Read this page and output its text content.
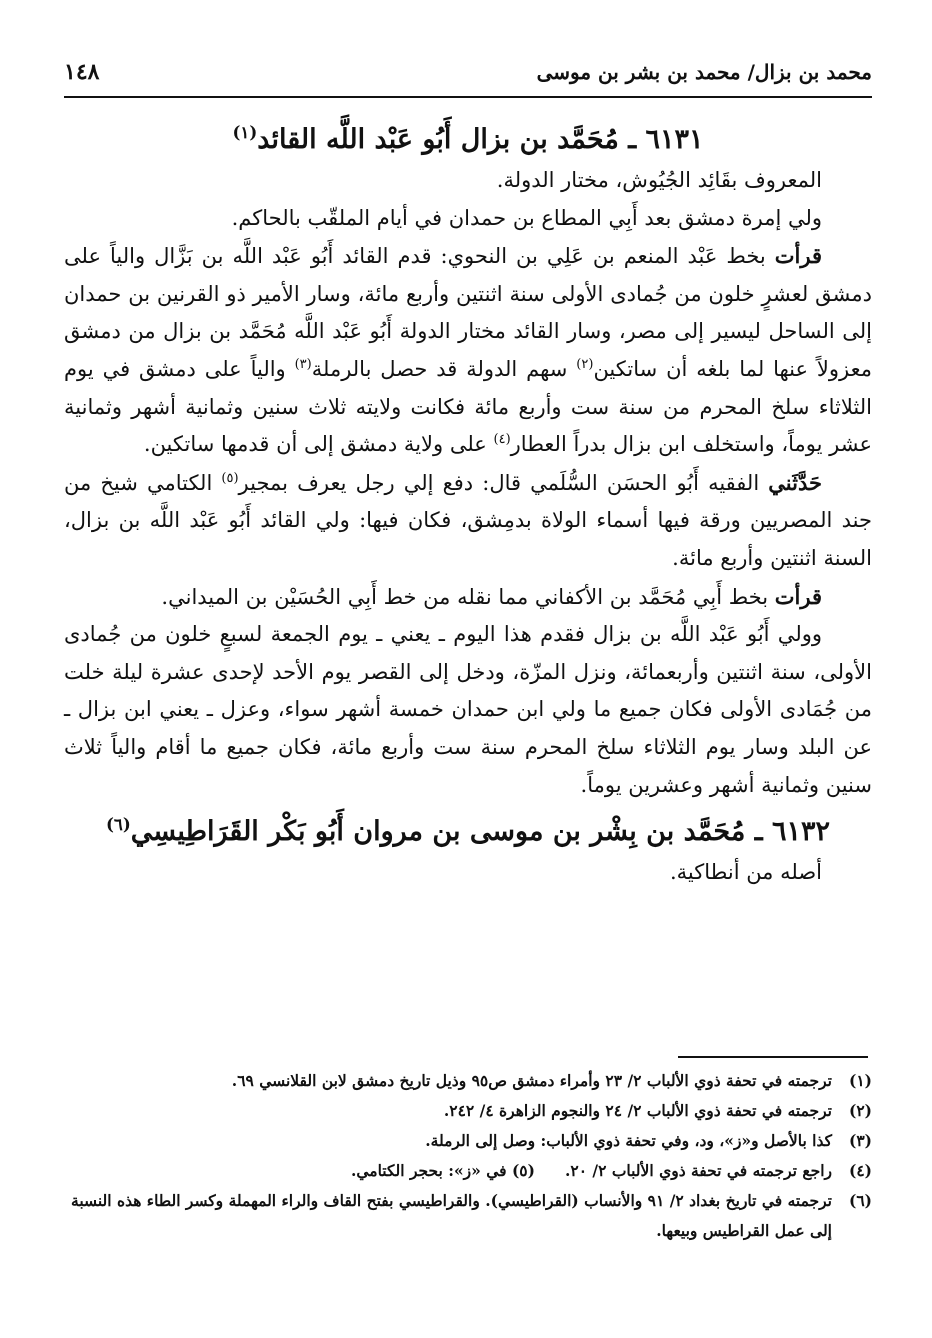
١٤٨	محمد بن بزال/ محمد بن بشر بن موسى

٦١٣١ ـ مُحَمَّد بن بزال أَبُو عَبْد اللَّه القائد$^{(١)}$

المعروف بقَائِد الجُيُوش، مختار الدولة.

ولي إمرة دمشق بعد أَبِي المطاع بن حمدان في أيام الملقّب بالحاكم.

قرأت بخط عَبْد المنعم بن عَلِي بن النحوي: قدم القائد أَبُو عَبْد اللَّه بن بَزَّال والياً على دمشق لعشرٍ خلون من جُمادى الأولى سنة اثنتين وأربع مائة، وسار الأمير ذو القرنين بن حمدان إلى الساحل ليسير إلى مصر، وسار القائد مختار الدولة أَبُو عَبْد اللَّه مُحَمَّد بن بزال من دمشق معزولاً عنها لما بلغه أن ساتكين$^{(٢)}$ سهم الدولة قد حصل بالرملة$^{(٣)}$ والياً على دمشق في يوم الثلاثاء سلخ المحرم من سنة ست وأربع مائة فكانت ولايته ثلاث سنين وثمانية أشهر وثمانية عشر يوماً، واستخلف ابن بزال بدراً العطار$^{(٤)}$ على ولاية دمشق إلى أن قدمها ساتكين.

حَدَّثَني الفقيه أَبُو الحسَن السُّلَمي قال: دفع إلي رجل يعرف بمجير$^{(٥)}$ الكتامي شيخ من جند المصريين ورقة فيها أسماء الولاة بدمِشق، فكان فيها: ولي القائد أَبُو عَبْد اللَّه بن بزال، السنة اثنتين وأربع مائة.

قرأت بخط أَبِي مُحَمَّد بن الأكفاني مما نقله من خط أَبِي الحُسَيْن بن الميداني.

وولي أَبُو عَبْد اللَّه بن بزال فقدم هذا اليوم ـ يعني ـ يوم الجمعة لسبعٍ خلون من جُمادى الأولى، سنة اثنتين وأربعمائة، ونزل المزّة، ودخل إلى القصر يوم الأحد لإحدى عشرة ليلة خلت من جُمَادى الأولى فكان جميع ما ولي ابن حمدان خمسة أشهر سواء، وعزل ـ يعني ابن بزال ـ عن البلد وسار يوم الثلاثاء سلخ المحرم سنة ست وأربع مائة، فكان جميع ما أقام والياً ثلاث سنين وثمانية أشهر وعشرين يوماً.

٦١٣٢ ـ مُحَمَّد بن بِشْر بن موسى بن مروان أَبُو بَكْر القَرَاطِيسِي$^{(٦)}$

أصله من أنطاكية.

(١)
ترجمته في تحفة ذوي الألباب ٢/ ٢٣ وأمراء دمشق ص٩٥ وذيل تاريخ دمشق لابن القلانسي ٦٩.
(٢)
ترجمته في تحفة ذوي الألباب ٢/ ٢٤ والنجوم الزاهرة ٤/ ٢٤٢.
(٣)
كذا بالأصل و«ز»، ود، وفي تحفة ذوي الألباب: وصل إلى الرملة.
(٤)
راجع ترجمته في تحفة ذوي الألباب ٢/ ٢٠.(٥) في «ز»: بحجر الكتامي.
(٦)
ترجمته في تاريخ بغداد ٢/ ٩١ والأنساب (القراطيسي). والقراطيسي بفتح القاف والراء المهملة وكسر الطاء هذه النسبة إلى عمل القراطيس وبيعها.
